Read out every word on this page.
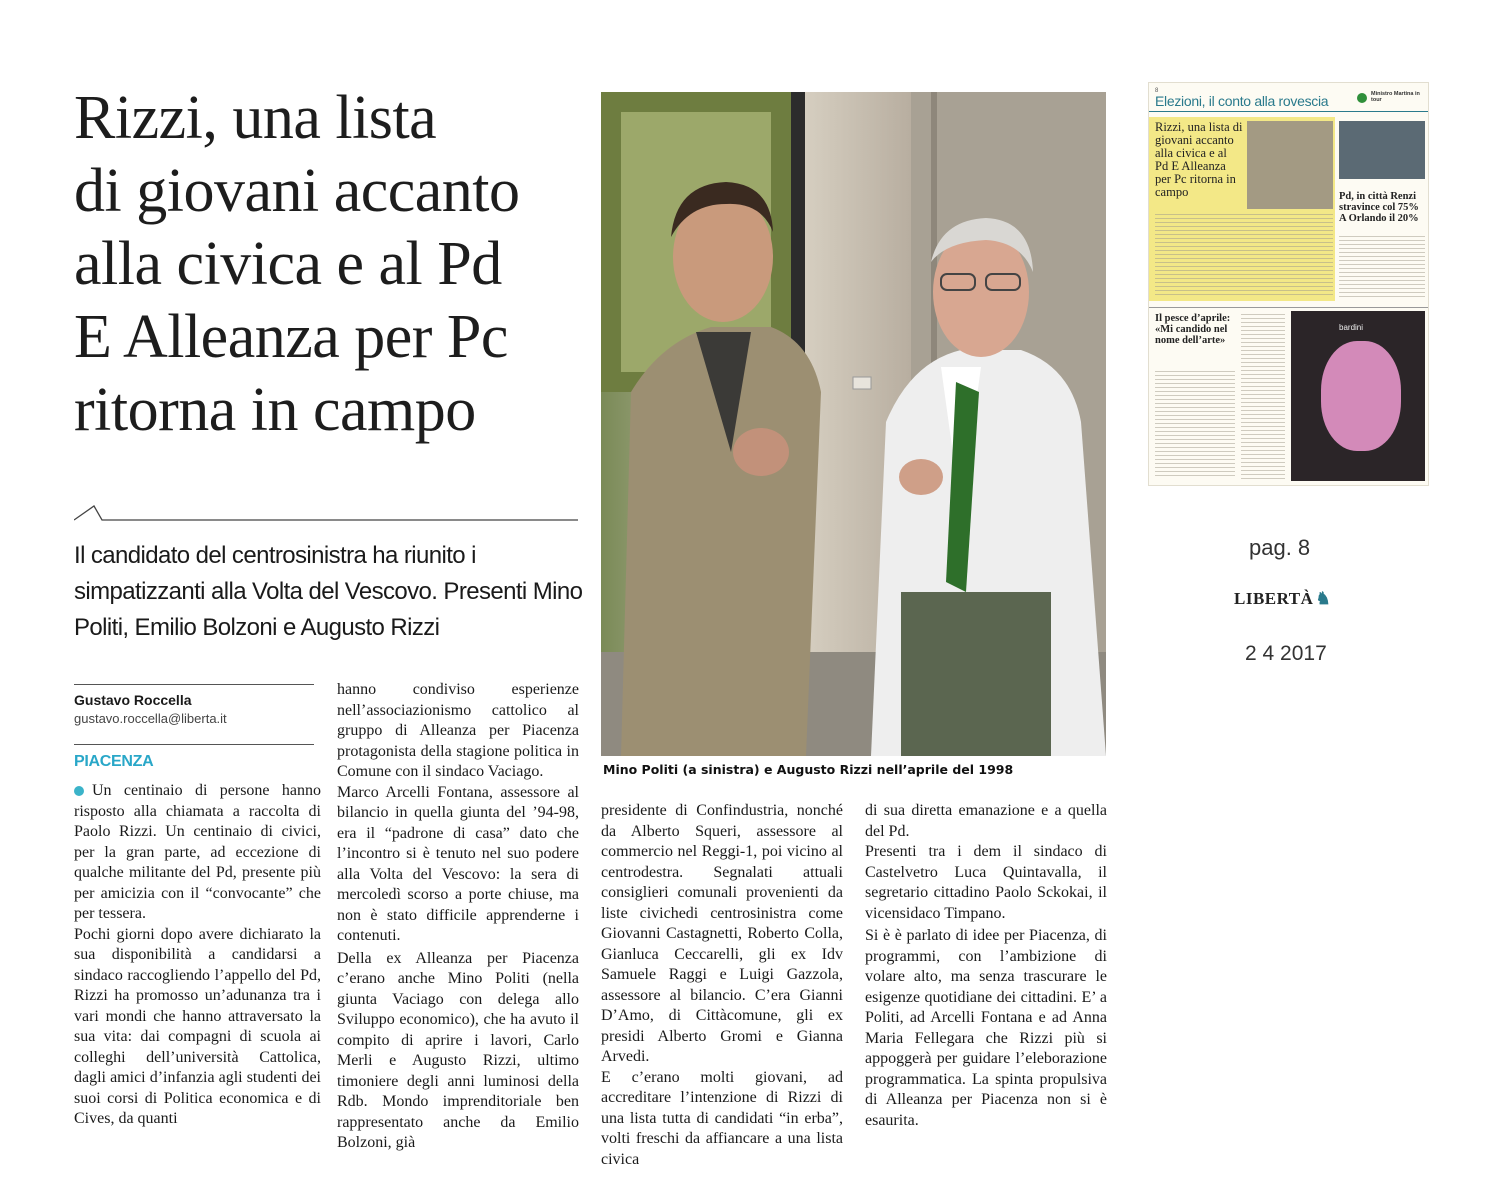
Rizzi, una lista
di giovani accanto
alla civica e al Pd
E Alleanza per Pc
ritorna in campo
Il candidato del centrosinistra ha riunito i simpatizzanti alla Volta del Vescovo. Presenti Mino Politi, Emilio Bolzoni e Augusto Rizzi
Gustavo Roccella
gustavo.roccella@liberta.it
PIACENZA

Un centinaio di persone hanno risposto alla chiamata a raccolta di Paolo Rizzi. Un centinaio di civici, per la gran parte, ad eccezione di qualche militante del Pd, presente più per amicizia con il “convocante” che per tessera.

Pochi giorni dopo avere dichiarato la sua disponibilità a candidarsi a sindaco raccogliendo l’appello del Pd, Rizzi ha promosso un’adunanza tra i vari mondi che hanno attraversato la sua vita: dai compagni di scuola ai colleghi dell’università Cattolica, dagli amici d’infanzia agli studenti dei suoi corsi di Politica economica e di Cives, da quanti

hanno condiviso esperienze nell’associazionismo cattolico al gruppo di Alleanza per Piacenza protagonista della stagione politica in Comune con il sindaco Vaciago.

Marco Arcelli Fontana, assessore al bilancio in quella giunta del ’94-98, era il “padrone di casa” dato che l’incontro si è tenuto nel suo podere alla Volta del Vescovo: la sera di mercoledì scorso a porte chiuse, ma non è stato difficile apprenderne i contenuti.

Della ex Alleanza per Piacenza c’erano anche Mino Politi (nella giunta Vaciago con delega allo Sviluppo economico), che ha avuto il compito di aprire i lavori, Carlo Merli e Augusto Rizzi, ultimo timoniere degli anni luminosi della Rdb. Mondo imprenditoriale ben rappresentato anche da Emilio Bolzoni, già

presidente di Confindustria, nonché da Alberto Squeri, assessore al commercio nel Reggi-1, poi vicino al centrodestra. Segnalati attuali consiglieri comunali provenienti da liste civichedi centrosinistra come Giovanni Castagnetti, Roberto Colla, Gianluca Ceccarelli, gli ex Idv Samuele Raggi e Luigi Gazzola, assessore al bilancio. C’era Gianni D’Amo, di Cittàcomune, gli ex presidi Alberto Gromi e Gianna Arvedi.

E c’erano molti giovani, ad accreditare l’intenzione di Rizzi di una lista tutta di candidati “in erba”, volti freschi da affiancare a una lista civica

di sua diretta emanazione e a quella del Pd.

Presenti tra i dem il sindaco di Castelvetro Luca Quintavalla, il segretario cittadino Paolo Sckokai, il vicensidaco Timpano.

Si è è parlato di idee per Piacenza, di programmi, con l’ambizione di volare alto, ma senza trascurare le esigenze quotidiane dei cittadini. E’ a Politi, ad Arcelli Fontana e ad Anna Maria Fellegara che Rizzi più si appoggerà per guidare l’eleborazione programmatica. La spinta propulsiva di Alleanza per Piacenza non si è esaurita.

Mino Politi (a sinistra) e Augusto Rizzi nell’aprile del 1998
8
Elezioni, il conto alla rovescia	Ministro Martina in tour
Rizzi, una lista di giovani accanto alla civica e al Pd E Alleanza per Pc ritorna in campo	Pd, in città Renzi stravince col 75% A Orlando il 20%
Il pesce d’aprile: «Mi candido nel nome dell’arte»
bardini
pag. 8
LIBERTÀ ♞
2 4 2017
